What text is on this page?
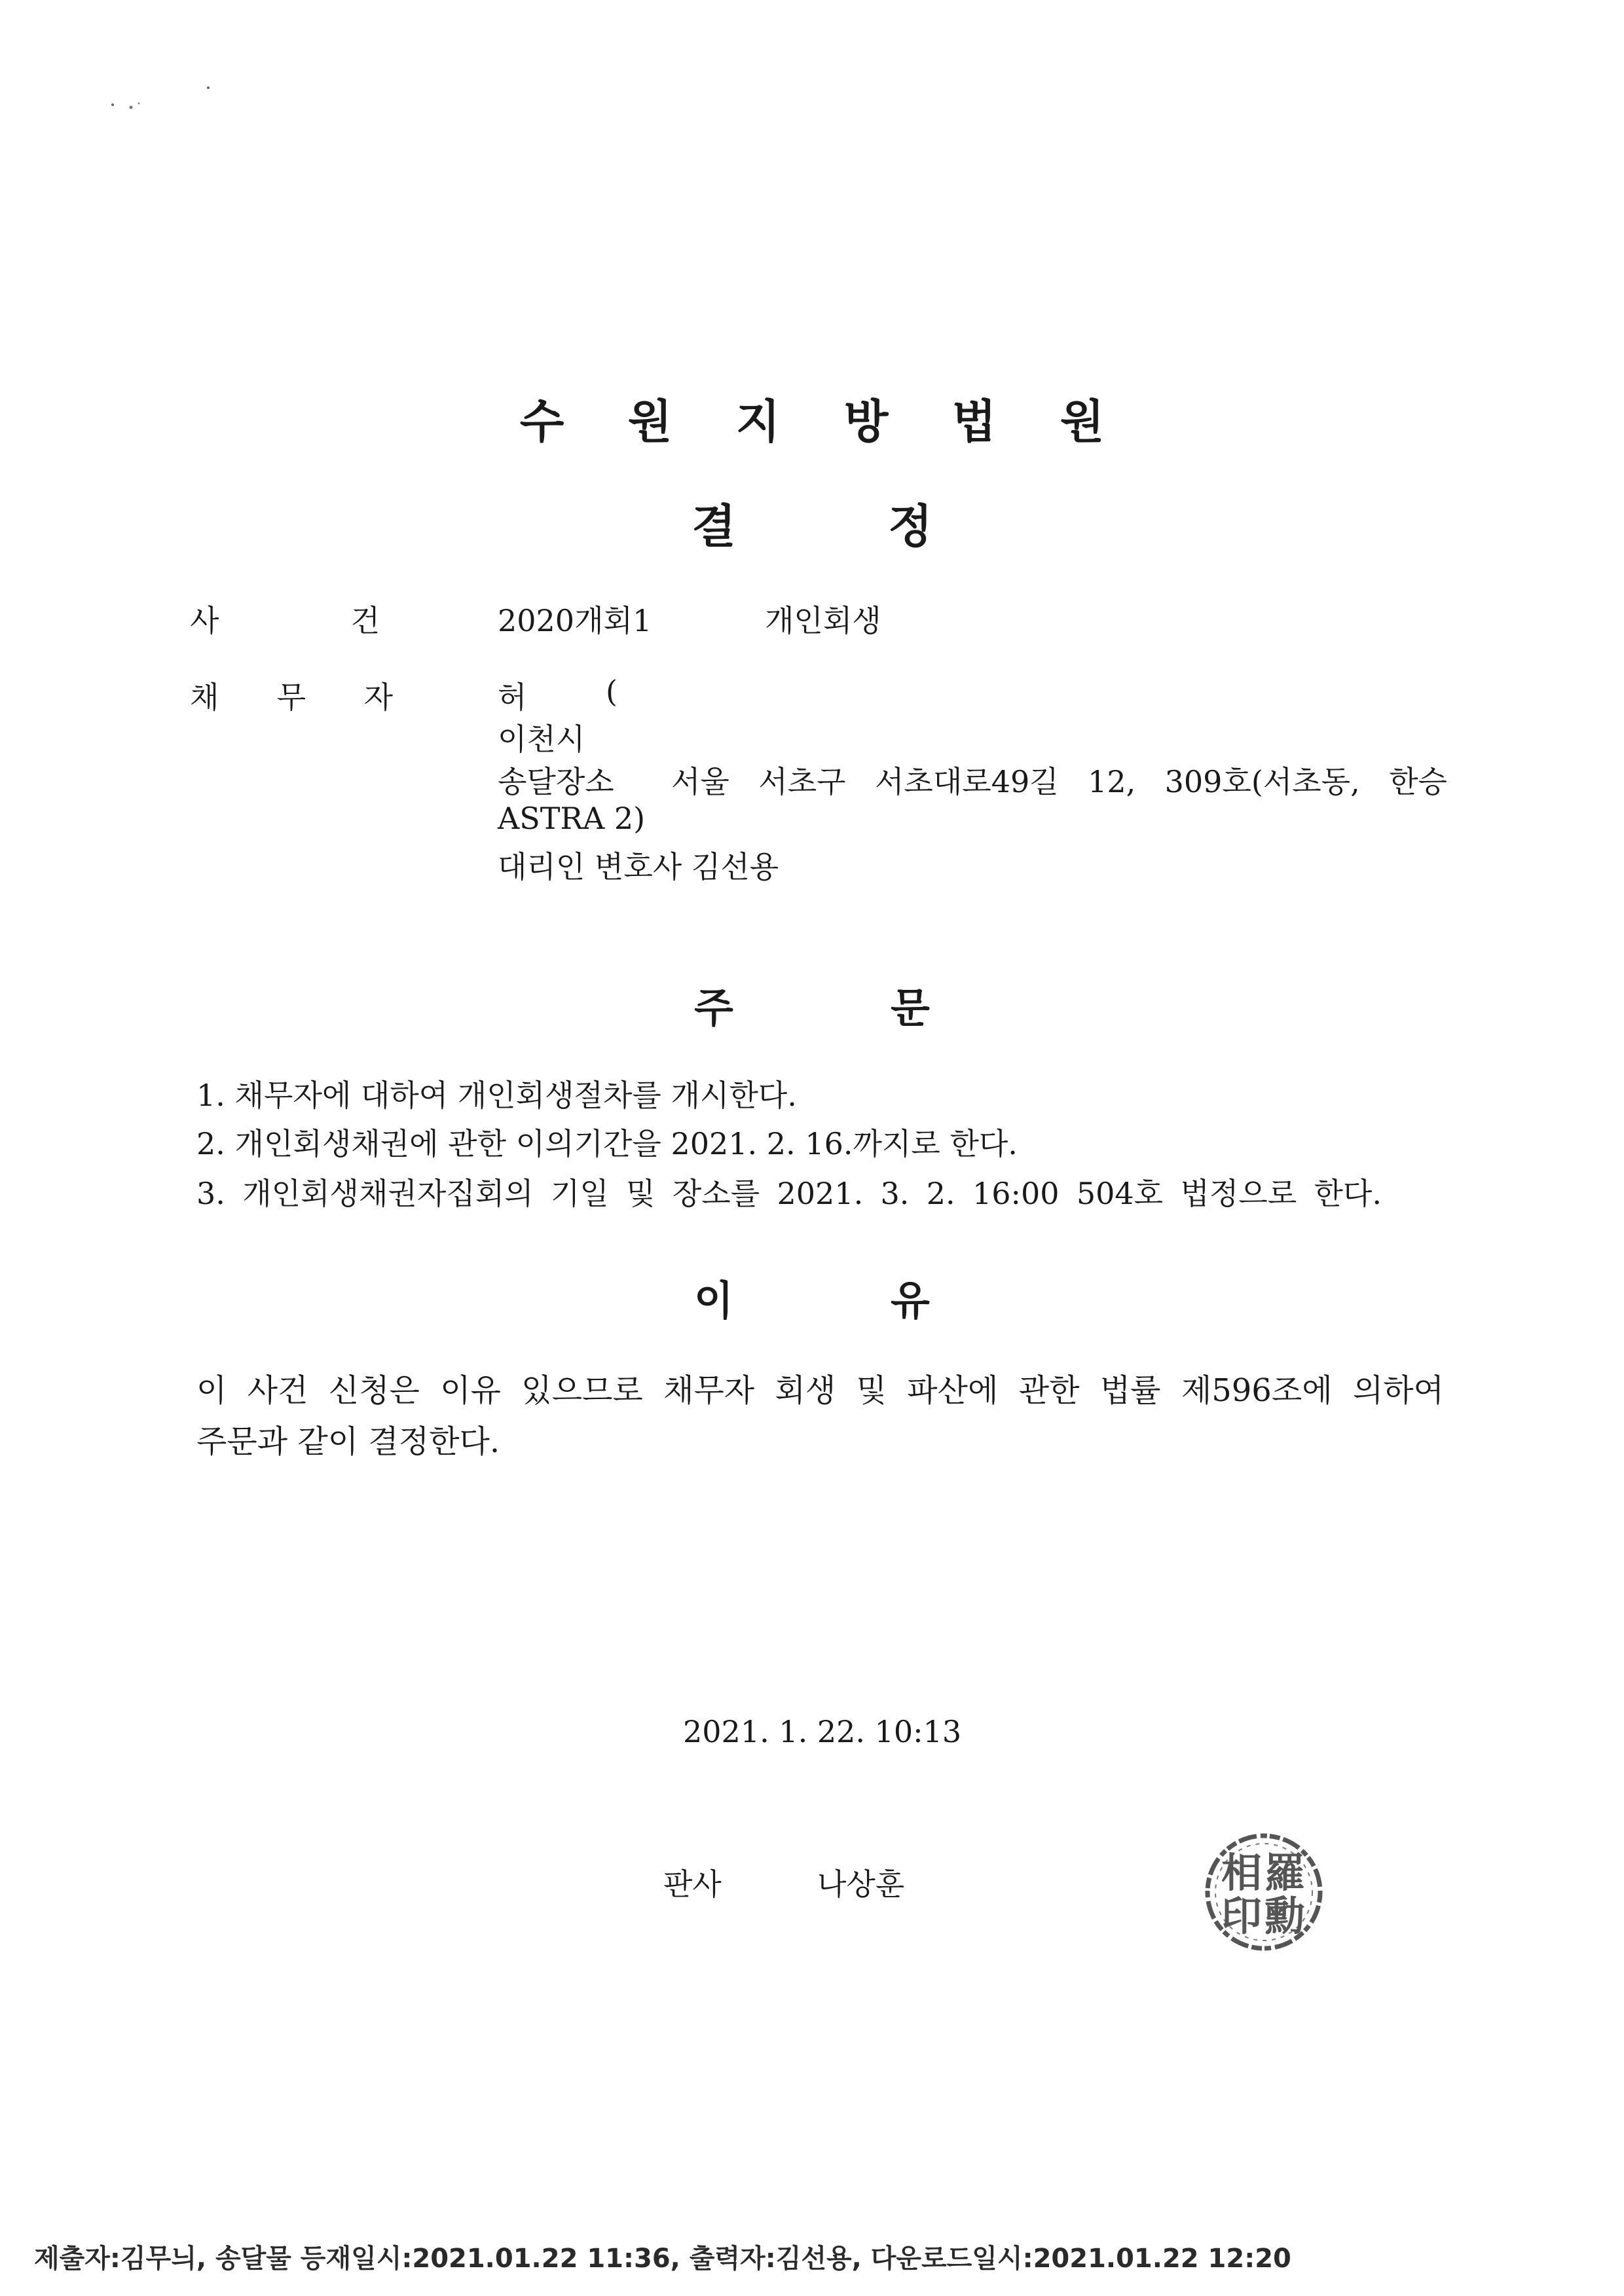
수 원 지 방 법 원
결	정
사	건	2020개회1	개인회생
채 무 자	허	(
이천시
송달장소 서울 서초구 서초대로49길 12, 309호(서초동, 한승
ASTRA 2)
대리인 변호사 김선용
주	문
1. 채무자에 대하여 개인회생절차를 개시한다.
2. 개인회생채권에 관한 이의기간을 2021. 2. 16.까지로 한다.
3. 개인회생채권자집회의 기일 및 장소를 2021. 3. 2. 16:00 504호 법정으로 한다.
이	유
이 사건 신청은 이유 있으므로 채무자 회생 및 파산에 관한 법률 제596조에 의하여
주문과 같이 결정한다.
2021. 1. 22. 10:13
판사	나상훈	羅
相
勳
印
제출자:김무늬, 송달물 등재일시:2021.01.22 11:36, 출력자:김선용, 다운로드일시:2021.01.22 12:20
